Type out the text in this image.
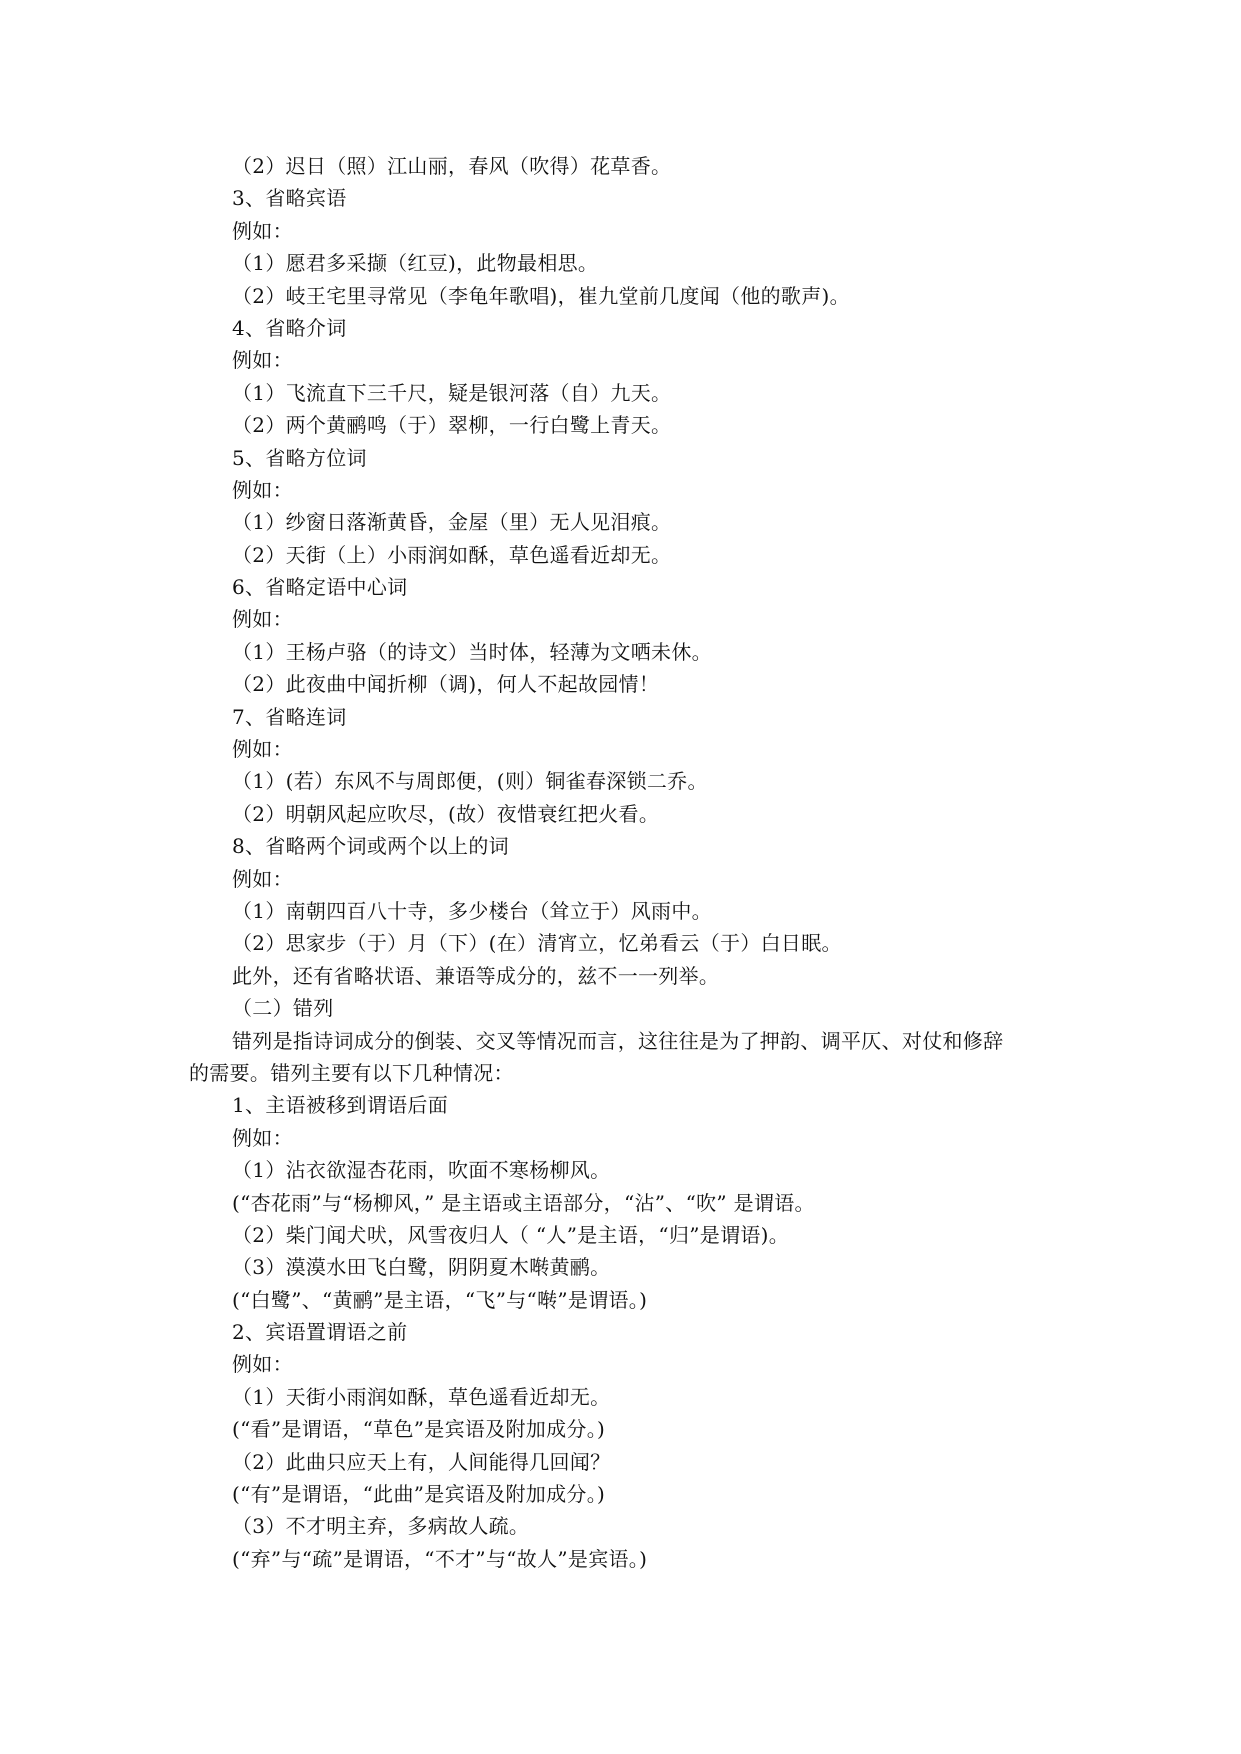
（2）迟日（照）江山丽，春风（吹得）花草香。
3、省略宾语
例如：
（1）愿君多采撷（红豆)，此物最相思。
（2）岐王宅里寻常见（李龟年歌唱)，崔九堂前几度闻（他的歌声)。
4、省略介词
例如：
（1）飞流直下三千尺，疑是银河落（自）九天。
（2）两个黄鹂鸣（于）翠柳，一行白鹭上青天。
5、省略方位词
例如：
（1）纱窗日落渐黄昏，金屋（里）无人见泪痕。
（2）天街（上）小雨润如酥，草色遥看近却无。
6、省略定语中心词
例如：
（1）王杨卢骆（的诗文）当时体，轻薄为文哂未休。
（2）此夜曲中闻折柳（调)，何人不起故园情！
7、省略连词
例如：
（1）(若）东风不与周郎便，(则）铜雀春深锁二乔。
（2）明朝风起应吹尽，(故）夜惜衰红把火看。
8、省略两个词或两个以上的词
例如：
（1）南朝四百八十寺，多少楼台（耸立于）风雨中。
（2）思家步（于）月（下）(在）清宵立，忆弟看云（于）白日眠。
此外，还有省略状语、兼语等成分的，兹不一一列举。
（二）错列
错列是指诗词成分的倒装、交叉等情况而言，这往往是为了押韵、调平仄、对仗和修辞
的需要。错列主要有以下几种情况：
1、主语被移到谓语后面
例如：
（1）沾衣欲湿杏花雨，吹面不寒杨柳风。
(“杏花雨”与“杨柳风，” 是主语或主语部分，“沾”、“吹” 是谓语。
（2）柴门闻犬吠，风雪夜归人（ “人”是主语，“归”是谓语)。
（3）漠漠水田飞白鹭，阴阴夏木啭黄鹂。
(“白鹭”、“黄鹂”是主语，“飞”与“啭”是谓语。)
2、宾语置谓语之前
例如：
（1）天街小雨润如酥，草色遥看近却无。
(“看”是谓语，“草色”是宾语及附加成分。)
（2）此曲只应天上有，人间能得几回闻？
(“有”是谓语，“此曲”是宾语及附加成分。)
（3）不才明主弃，多病故人疏。
(“弃”与“疏”是谓语，“不才”与“故人”是宾语。)
